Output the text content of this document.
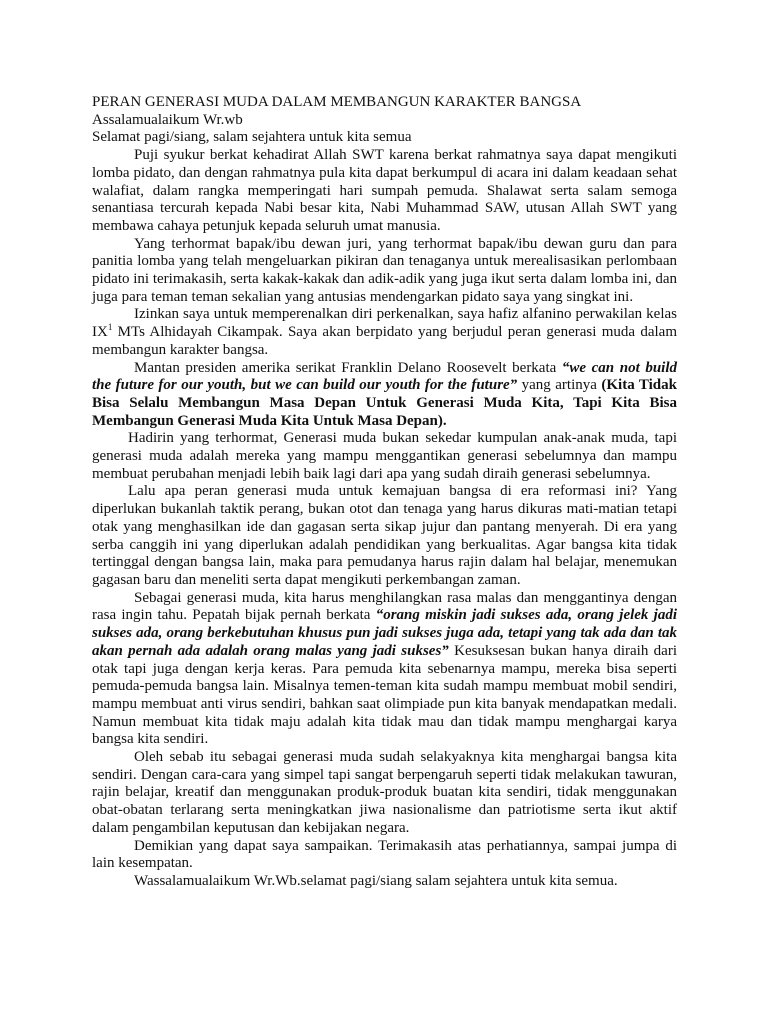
PERAN GENERASI MUDA DALAM MEMBANGUN KARAKTER BANGSA

Assalamualaikum Wr.wb

Selamat pagi/siang, salam sejahtera untuk kita semua

Puji syukur berkat kehadirat Allah SWT karena berkat rahmatnya saya dapat mengikuti lomba pidato, dan dengan rahmatnya pula kita dapat berkumpul di acara ini dalam keadaan sehat walafiat, dalam rangka memperingati hari sumpah pemuda. Shalawat serta salam semoga senantiasa tercurah kepada Nabi besar kita, Nabi Muhammad SAW, utusan Allah SWT yang membawa cahaya petunjuk kepada seluruh umat manusia.

Yang terhormat bapak/ibu dewan juri, yang terhormat bapak/ibu dewan guru dan para panitia lomba yang telah mengeluarkan pikiran dan tenaganya untuk merealisasikan perlombaan pidato ini terimakasih, serta kakak-kakak dan adik-adik yang juga ikut serta dalam lomba ini, dan juga para teman teman sekalian yang antusias mendengarkan pidato saya yang singkat ini.

Izinkan saya untuk memperenalkan diri perkenalkan, saya hafiz alfanino perwakilan kelas $IX^1$ MTs Alhidayah Cikampak. Saya akan berpidato yang berjudul peran generasi muda dalam membangun karakter bangsa.

Mantan presiden amerika serikat Franklin Delano Roosevelt berkata “we can not build the future for our youth, but we can build our youth for the future” yang artinya (Kita Tidak Bisa Selalu Membangun Masa Depan Untuk Generasi Muda Kita, Tapi Kita Bisa Membangun Generasi Muda Kita Untuk Masa Depan).

Hadirin yang terhormat, Generasi muda bukan sekedar kumpulan anak-anak muda, tapi generasi muda adalah mereka yang mampu menggantikan generasi sebelumnya dan mampu membuat perubahan menjadi lebih baik lagi dari apa yang sudah diraih generasi sebelumnya.

Lalu apa peran generasi muda untuk kemajuan bangsa di era reformasi ini? Yang diperlukan bukanlah taktik perang, bukan otot dan tenaga yang harus dikuras mati-matian tetapi otak yang menghasilkan ide dan gagasan serta sikap jujur dan pantang menyerah. Di era yang serba canggih ini yang diperlukan adalah pendidikan yang berkualitas. Agar bangsa kita tidak tertinggal dengan bangsa lain, maka para pemudanya harus rajin dalam hal belajar, menemukan gagasan baru dan meneliti serta dapat mengikuti perkembangan zaman.

Sebagai generasi muda, kita harus menghilangkan rasa malas dan menggantinya dengan rasa ingin tahu. Pepatah bijak pernah berkata “orang miskin jadi sukses ada, orang jelek jadi sukses ada, orang berkebutuhan khusus pun jadi sukses juga ada, tetapi yang tak ada dan tak akan pernah ada adalah orang malas yang jadi sukses” Kesuksesan bukan hanya diraih dari otak tapi juga dengan kerja keras. Para pemuda kita sebenarnya mampu, mereka bisa seperti pemuda-pemuda bangsa lain. Misalnya temen-teman kita sudah mampu membuat mobil sendiri, mampu membuat anti virus sendiri, bahkan saat olimpiade pun kita banyak mendapatkan medali. Namun membuat kita tidak maju adalah kita tidak mau dan tidak mampu menghargai karya bangsa kita sendiri.

Oleh sebab itu sebagai generasi muda sudah selakyaknya kita menghargai bangsa kita sendiri. Dengan cara-cara yang simpel tapi sangat berpengaruh seperti tidak melakukan tawuran, rajin belajar, kreatif dan menggunakan produk-produk buatan kita sendiri, tidak menggunakan obat-obatan terlarang serta meningkatkan jiwa nasionalisme dan patriotisme serta ikut aktif dalam pengambilan keputusan dan kebijakan negara.

Demikian yang dapat saya sampaikan. Terimakasih atas perhatiannya, sampai jumpa di lain kesempatan.

Wassalamualaikum Wr.Wb.selamat pagi/siang salam sejahtera untuk kita semua.
